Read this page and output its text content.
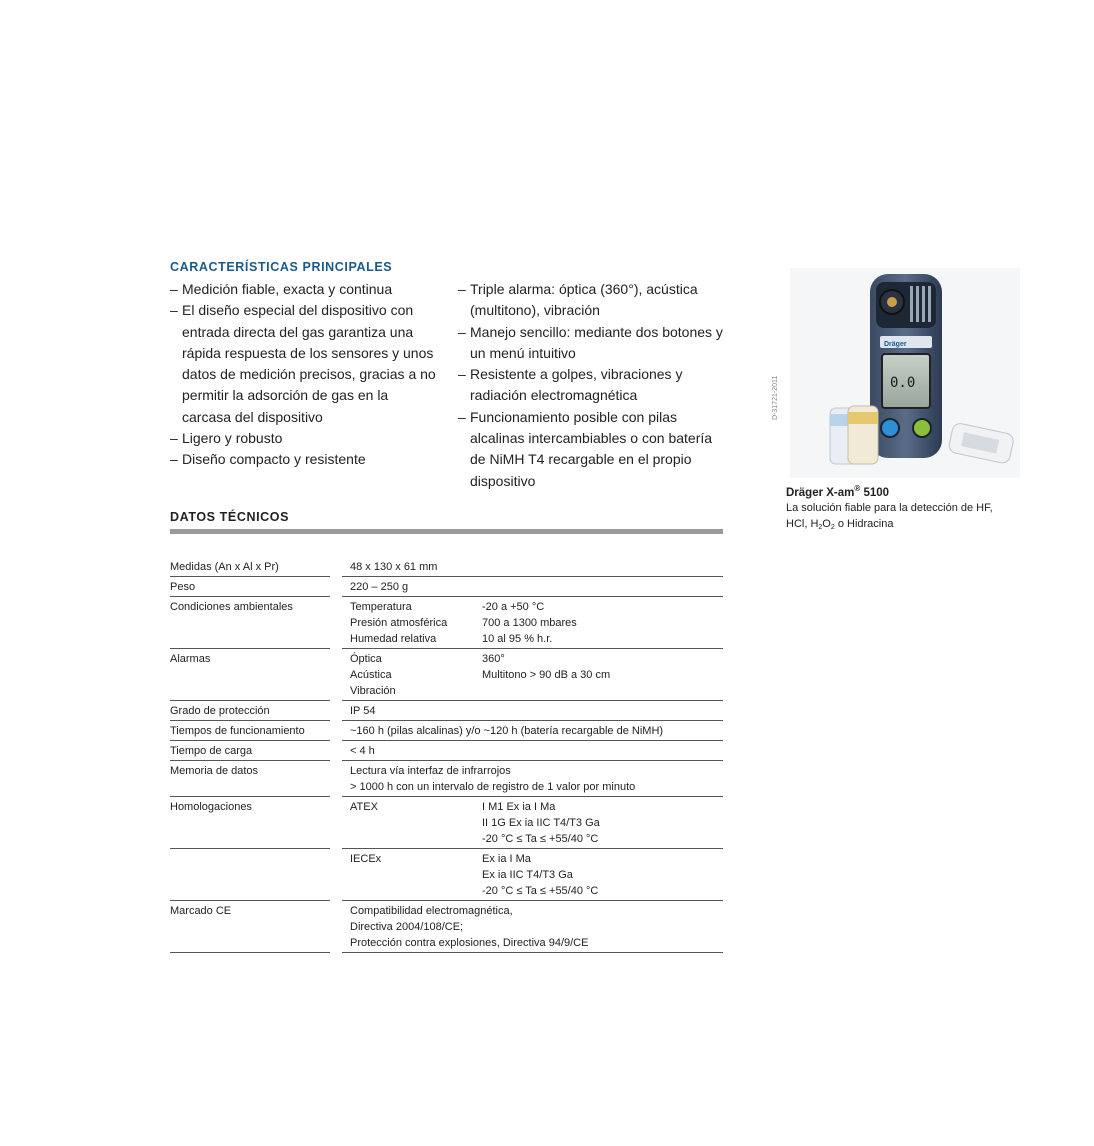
CARACTERÍSTICAS PRINCIPALES
– Medición fiable, exacta y continua
– El diseño especial del dispositivo con entrada directa del gas garantiza una rápida respuesta de los sensores y unos datos de medición precisos, gracias a no permitir la adsorción de gas en la carcasa del dispositivo
– Ligero y robusto
– Diseño compacto y resistente
– Triple alarma: óptica (360°), acústica (multitono), vibración
– Manejo sencillo: mediante dos botones y un menú intuitivo
– Resistente a golpes, vibraciones y radiación electromagnética
– Funcionamiento posible con pilas alcalinas intercambiables o con batería de NiMH T4 recargable en el propio dispositivo
Dräger
0.0
D-31721-2011
Dräger X-am® 5100
La solución fiable para la detección de HF,
HCl, $H_2O_2$ o Hidracina
DATOS TÉCNICOS
Medidas (An x Al x Pr)	48 x 130 x 61 mm
Peso	220 – 250 g
Condiciones ambientales	Temperatura	-20 a +50 °C
Presión atmosférica	700 a 1300 mbares
Humedad relativa	10 al 95 % h.r.
Alarmas	Óptica	360°
Acústica	Multitono > 90 dB a 30 cm
Vibración
Grado de protección	IP 54
Tiempos de funcionamiento	~160 h (pilas alcalinas) y/o ~120 h (batería recargable de NiMH)
Tiempo de carga	< 4 h
Memoria de datos	Lectura vía interfaz de infrarrojos
> 1000 h con un intervalo de registro de 1 valor por minuto
Homologaciones	ATEX	I M1 Ex ia I Ma
II 1G Ex ia IIC T4/T3 Ga
-20 °C ≤ Ta ≤ +55/40 °C

IECEx	Ex ia I Ma
Ex ia IIC T4/T3 Ga
-20 °C ≤ Ta ≤ +55/40 °C
Marcado CE	Compatibilidad electromagnética,
Directiva 2004/108/CE;
Protección contra explosiones, Directiva 94/9/CE
